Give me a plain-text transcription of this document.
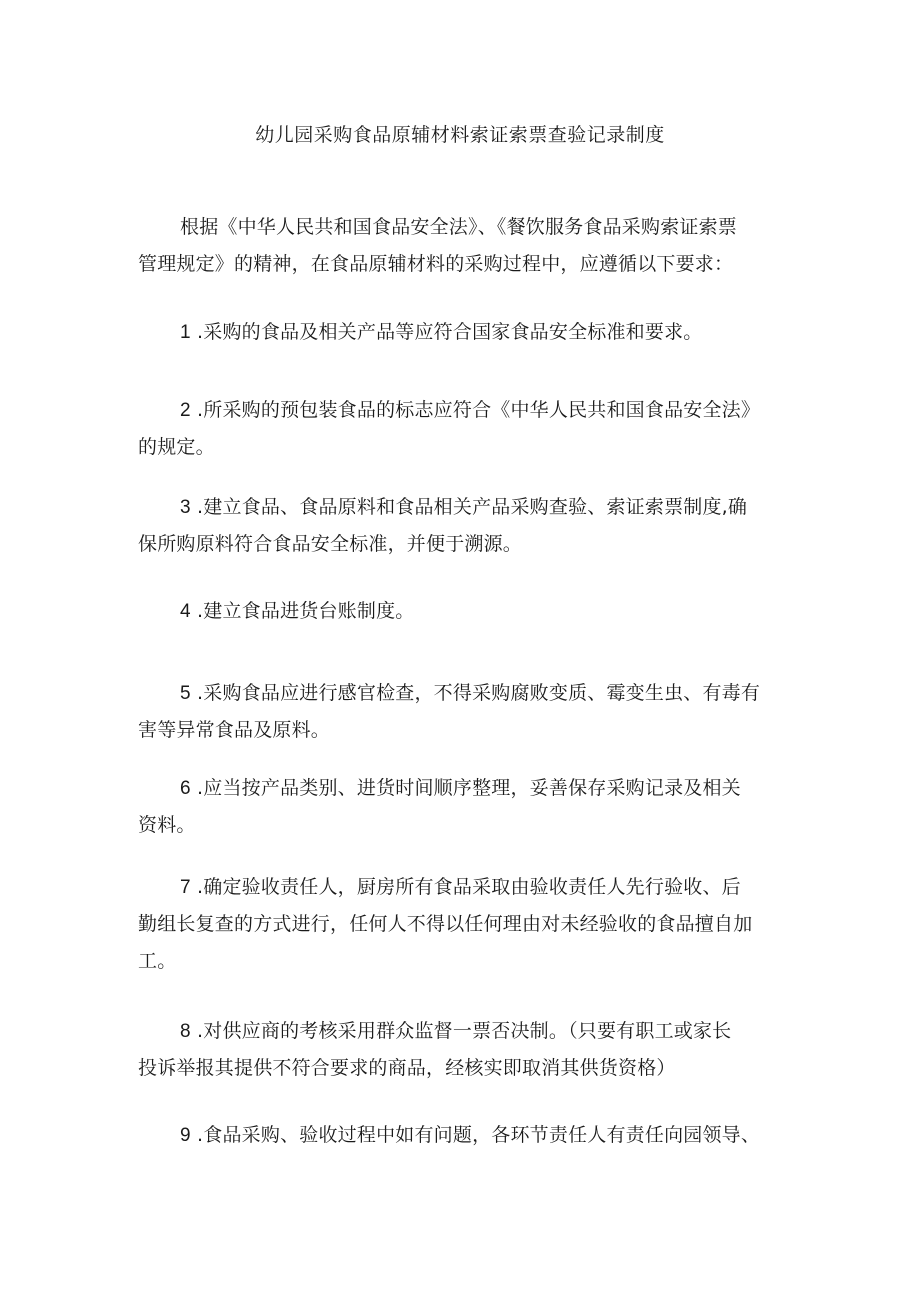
幼儿园采购食品原辅材料索证索票查验记录制度
根据《中华人民共和国食品安全法》、《餐饮服务食品采购索证索票
管理规定》的精神，在食品原辅材料的采购过程中，应遵循以下要求：
1 .采购的食品及相关产品等应符合国家食品安全标准和要求。
2 .所采购的预包装食品的标志应符合《中华人民共和国食品安全法》
的规定。
3 .建立食品、食品原料和食品相关产品采购查验、索证索票制度,确
保所购原料符合食品安全标准，并便于溯源。
4 .建立食品进货台账制度。
5 .采购食品应进行感官检查，不得采购腐败变质、霉变生虫、有毒有
害等异常食品及原料。
6 .应当按产品类别、进货时间顺序整理，妥善保存采购记录及相关
资料。
7 .确定验收责任人，厨房所有食品采取由验收责任人先行验收、后
勤组长复查的方式进行，任何人不得以任何理由对未经验收的食品擅自加
工。
8 .对供应商的考核采用群众监督一票否决制。（只要有职工或家长
投诉举报其提供不符合要求的商品，经核实即取消其供货资格）
9 .食品采购、验收过程中如有问题，各环节责任人有责任向园领导、
